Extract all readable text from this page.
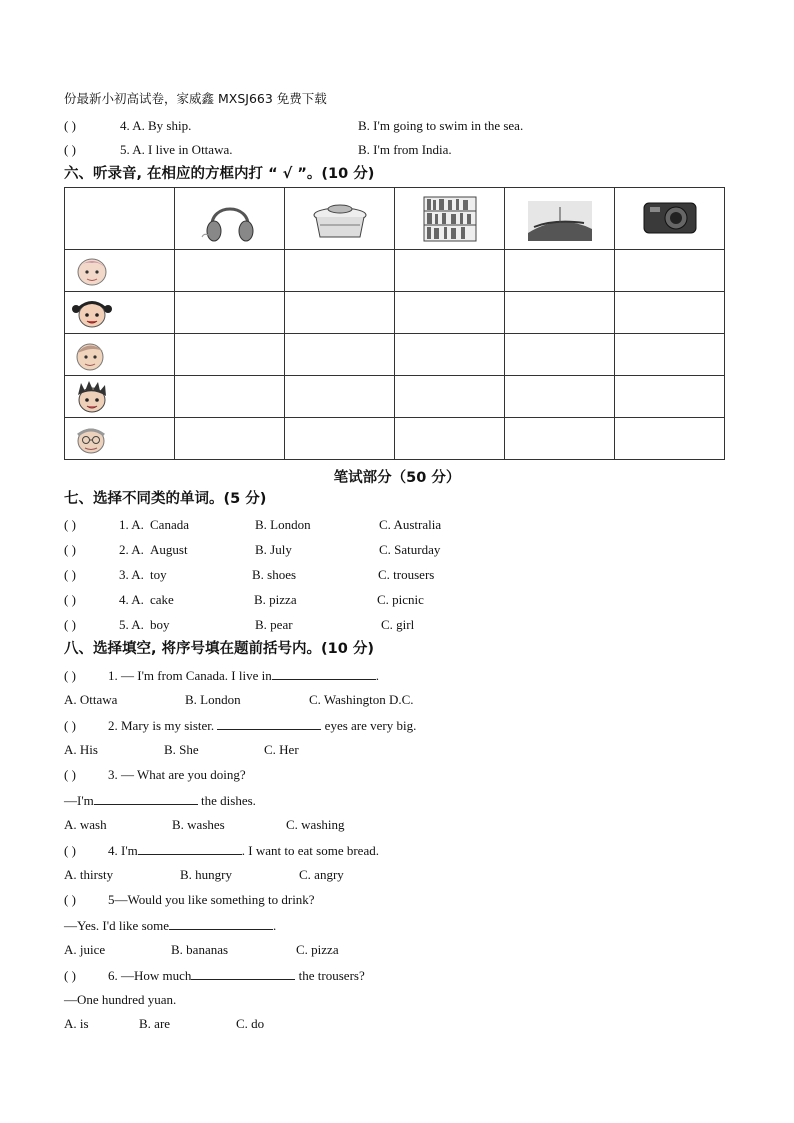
份最新小初高试卷，家威鑫 MXSJ663 免费下载
( )	4. A. By ship.	B. I'm going to swim in the sea.
( )	5. A. I live in Ottawa.	B. I'm from India.
六、听录音, 在相应的方框内打 “ √ ”。(10 分)

笔试部分（50 分）
七、选择不同类的单词。(5 分)
( )	1. A. Canada	B. London	C. Australia
( )	2. A. August	B. July	C. Saturday
( )	3. A. toy	B. shoes	C. trousers
( )	4. A. cake	B. pizza	C. picnic
( )	5. A. boy	B. pear	C. girl
八、选择填空, 将序号填在题前括号内。(10 分)
( ) 1. — I'm from Canada. I live in	.
A. Ottawa	B. London	C. Washington D.C.
( ) 2. Mary is my sister.	eyes are very big.
A. His	B. She	C. Her
( ) 3. — What are you doing?
—I'm	the dishes.
A. wash	B. washes	C. washing
( ) 4. I'm	. I want to eat some bread.
A. thirsty	B. hungry	C. angry
( ) 5—Would you like something to drink?
—Yes. I'd like some	.
A. juice	B. bananas	C. pizza
( ) 6. —How much	the trousers?
—One hundred yuan.
A. is	B. are	C. do
